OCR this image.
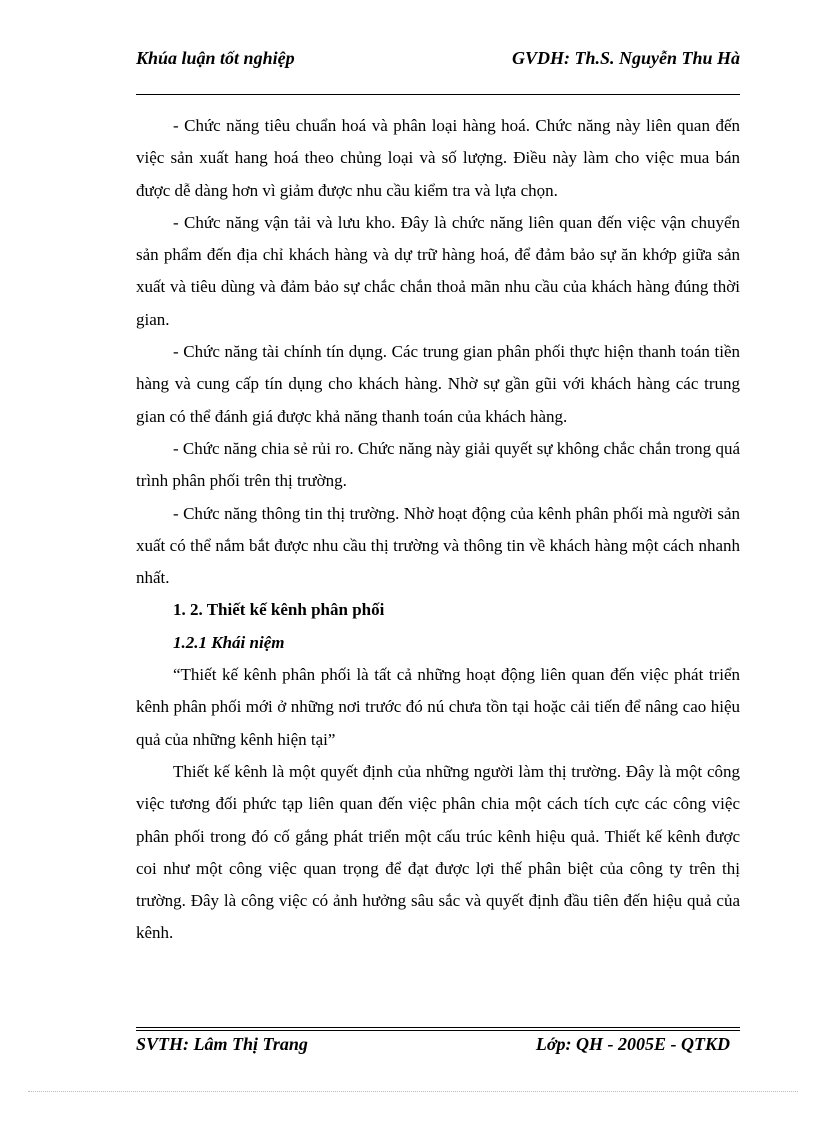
Khúa luận tốt nghiệp	GVDH: Th.S. Nguyễn Thu Hà

- Chức năng tiêu chuẩn hoá và phân loại hàng hoá. Chức năng này liên quan đến việc sản xuất hang hoá theo chủng loại và số lượng. Điều này làm cho việc mua bán được dễ dàng hơn vì giảm được nhu cầu kiểm tra và lựa chọn.

- Chức năng vận tải và lưu kho. Đây là chức năng liên quan đến việc vận chuyển sản phẩm đến địa chỉ khách hàng và dự trữ hàng hoá, để đảm bảo sự ăn khớp giữa sản xuất và tiêu dùng và đảm bảo sự chắc chắn thoả mãn nhu cầu của khách hàng đúng thời gian.

- Chức năng tài chính tín dụng. Các trung gian phân phối thực hiện thanh toán tiền hàng và cung cấp tín dụng cho khách hàng. Nhờ sự gần gũi với khách hàng các trung gian có thể đánh giá được khả năng thanh toán của khách hàng.

- Chức năng chia sẻ rủi ro. Chức năng này giải quyết sự không chắc chắn trong quá trình phân phối trên thị trường.

- Chức năng thông tin thị trường. Nhờ hoạt động của kênh phân phối mà người sản xuất có thể nắm bắt được nhu cầu thị trường và thông tin về khách hàng một cách nhanh nhất.

1. 2. Thiết kế kênh phân phối

1.2.1 Khái niệm

“Thiết kế kênh phân phối là tất cả những hoạt động liên quan đến việc phát triển kênh phân phối mới ở những nơi trước đó nú chưa tồn tại hoặc cải tiến để nâng cao hiệu quả của những kênh hiện tại”

Thiết kế kênh là một quyết định của những người làm thị trường. Đây là một công việc tương đối phức tạp liên quan đến việc phân chia một cách tích cực các công việc phân phối trong đó cố gắng phát triển một cấu trúc kênh hiệu quả. Thiết kế kênh được coi như một công việc quan trọng để đạt được lợi thế phân biệt của công ty trên thị trường. Đây là công việc có ảnh hưởng sâu sắc và quyết định đầu tiên đến hiệu quả của kênh.

SVTH: Lâm Thị Trang	Lớp: QH - 2005E - QTKD
